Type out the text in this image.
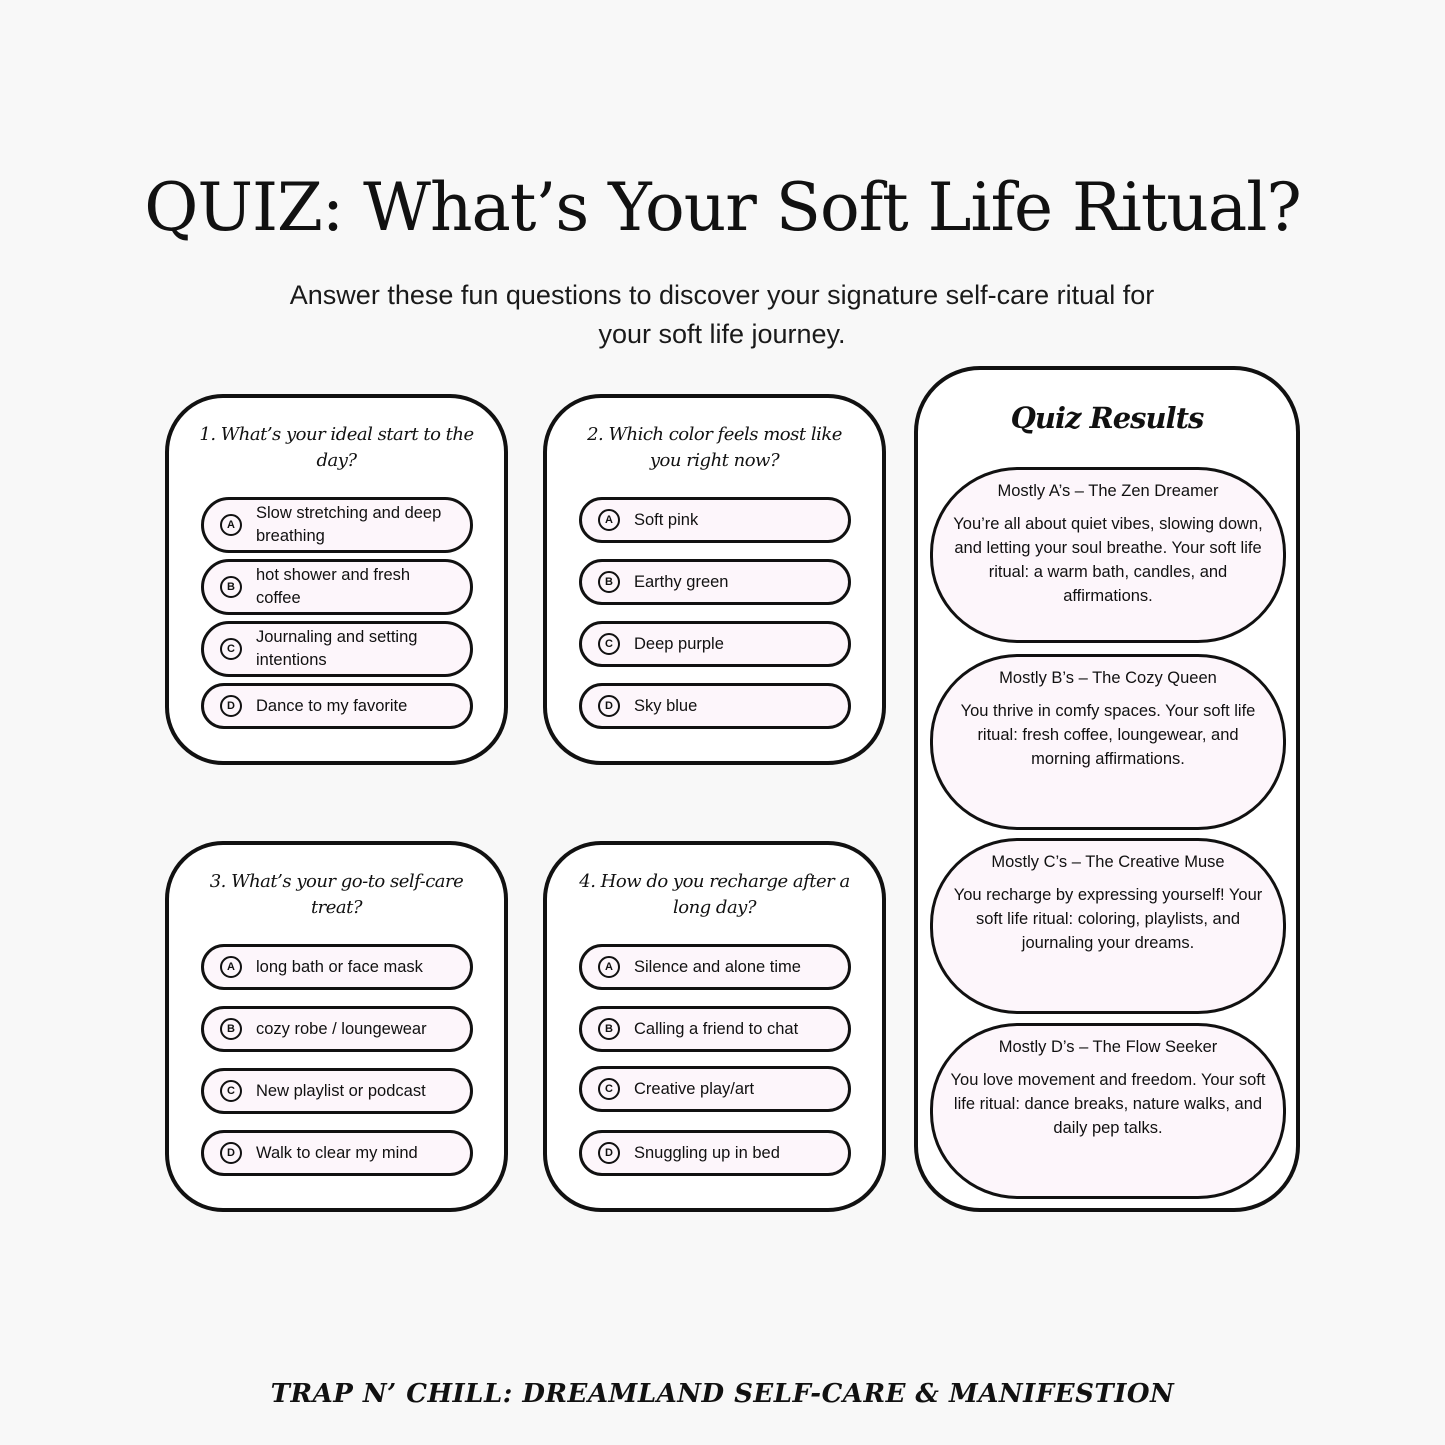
QUIZ: What’s Your Soft Life Ritual?

Answer these fun questions to discover your signature self-care ritual for your soft life journey.

1. What’s your ideal start to the day?
A
Slow stretching and deep breathing
B
hot shower and fresh coffee
C
Journaling and setting intentions
D	Dance to my favorite
2. Which color feels most like you right now?
A	Soft pink
B	Earthy green
C	Deep purple
D	Sky blue
3. What’s your go-to self-care treat?
A	long bath or face mask
B	cozy robe / loungewear
C	New playlist or podcast
D	Walk to clear my mind
4. How do you recharge after a long day?
A	Silence and alone time
B	Calling a friend to chat
C	Creative play/art
D	Snuggling up in bed
Quiz Results
Mostly A’s – The Zen Dreamer
You’re all about quiet vibes, slowing down, and letting your soul breathe. Your soft life ritual: a warm bath, candles, and affirmations.
Mostly B’s – The Cozy Queen
You thrive in comfy spaces. Your soft life ritual: fresh coffee, loungewear, and morning affirmations.
Mostly C’s – The Creative Muse
You recharge by expressing yourself! Your soft life ritual: coloring, playlists, and journaling your dreams.
Mostly D’s – The Flow Seeker
You love movement and freedom. Your soft life ritual: dance breaks, nature walks, and daily pep talks.

TRAP N’ CHILL: DREAMLAND SELF-CARE & MANIFESTION
